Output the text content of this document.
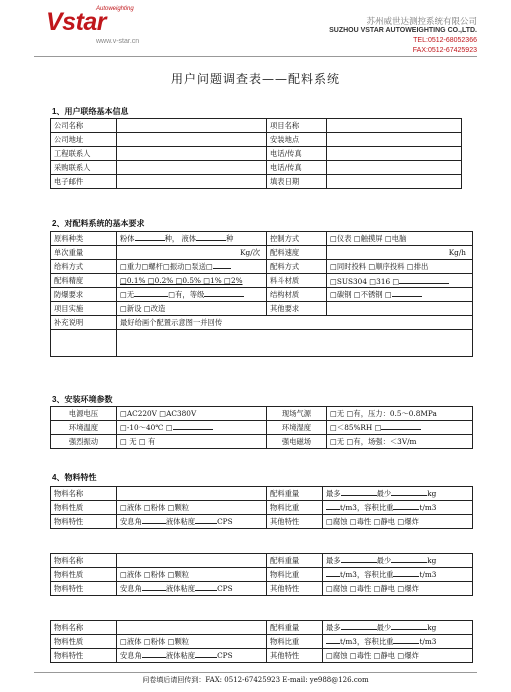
Vstar
Autoweighting
www.v-star.cn
苏州威世达测控系统有限公司
SUZHOU VSTAR AUTOWEIGHTING CO.,LTD.
TEL:0512-68052366
FAX:0512-67425923
用户问题调查表——配料系统
1、用户联络基本信息
公司名称		项目名称	
公司地址		安装地点	
工程联系人		电话/传真	
采购联系人		电话/传真	
电子邮件		填表日期	
2、对配料系统的基本要求
原料种类	粉体 种， 液体 种	控制方式	□仪表 □触摸屏 □电脑
单次重量	Kg/次	配料速度	Kg/h
给料方式	□重力□螺杆□振动□泵送□	配料方式	□同时投料 □顺序投料 □排出
配料精度	□0.1% □0.2% □0.5% □1% □2%	料斗材质	□SUS304 □316 □
防爆要求	□无 □有，等级	结构材质	□碳钢 □不锈钢 □
项目实施	□新设 □改造	其他要求	
补充说明	最好给画个配置示意图一并回传		

3、安装环境参数
电源电压	□AC220V □AC380V	现场气源	□无 □有，压力：0.5～0.8MPa
环境温度	□-10～40℃ □	环境湿度	□＜85%RH □
强烈振动	□ 无 □ 有	强电磁场	□无 □有，场强：＜3V/m
4、物料特性
物料名称		配料重量	最多 最少 kg
物料性质	□液体 □粉体 □颗粒	物料比重	t/m3，容积比重 t/m3
物料特性	安息角 液体粘度 CPS	其他特性	□腐蚀 □毒性 □静电 □爆炸
物料名称		配料重量	最多 最少 kg
物料性质	□液体 □粉体 □颗粒	物料比重	t/m3，容积比重 t/m3
物料特性	安息角 液体粘度 CPS	其他特性	□腐蚀 □毒性 □静电 □爆炸
物料名称		配料重量	最多 最少 kg
物料性质	□液体 □粉体 □颗粒	物料比重	t/m3，容积比重 t/m3
物料特性	安息角 液体粘度 CPS	其他特性	□腐蚀 □毒性 □静电 □爆炸
问卷填后请回传到：FAX: 0512-67425923 E-mail: ye988@126.com
